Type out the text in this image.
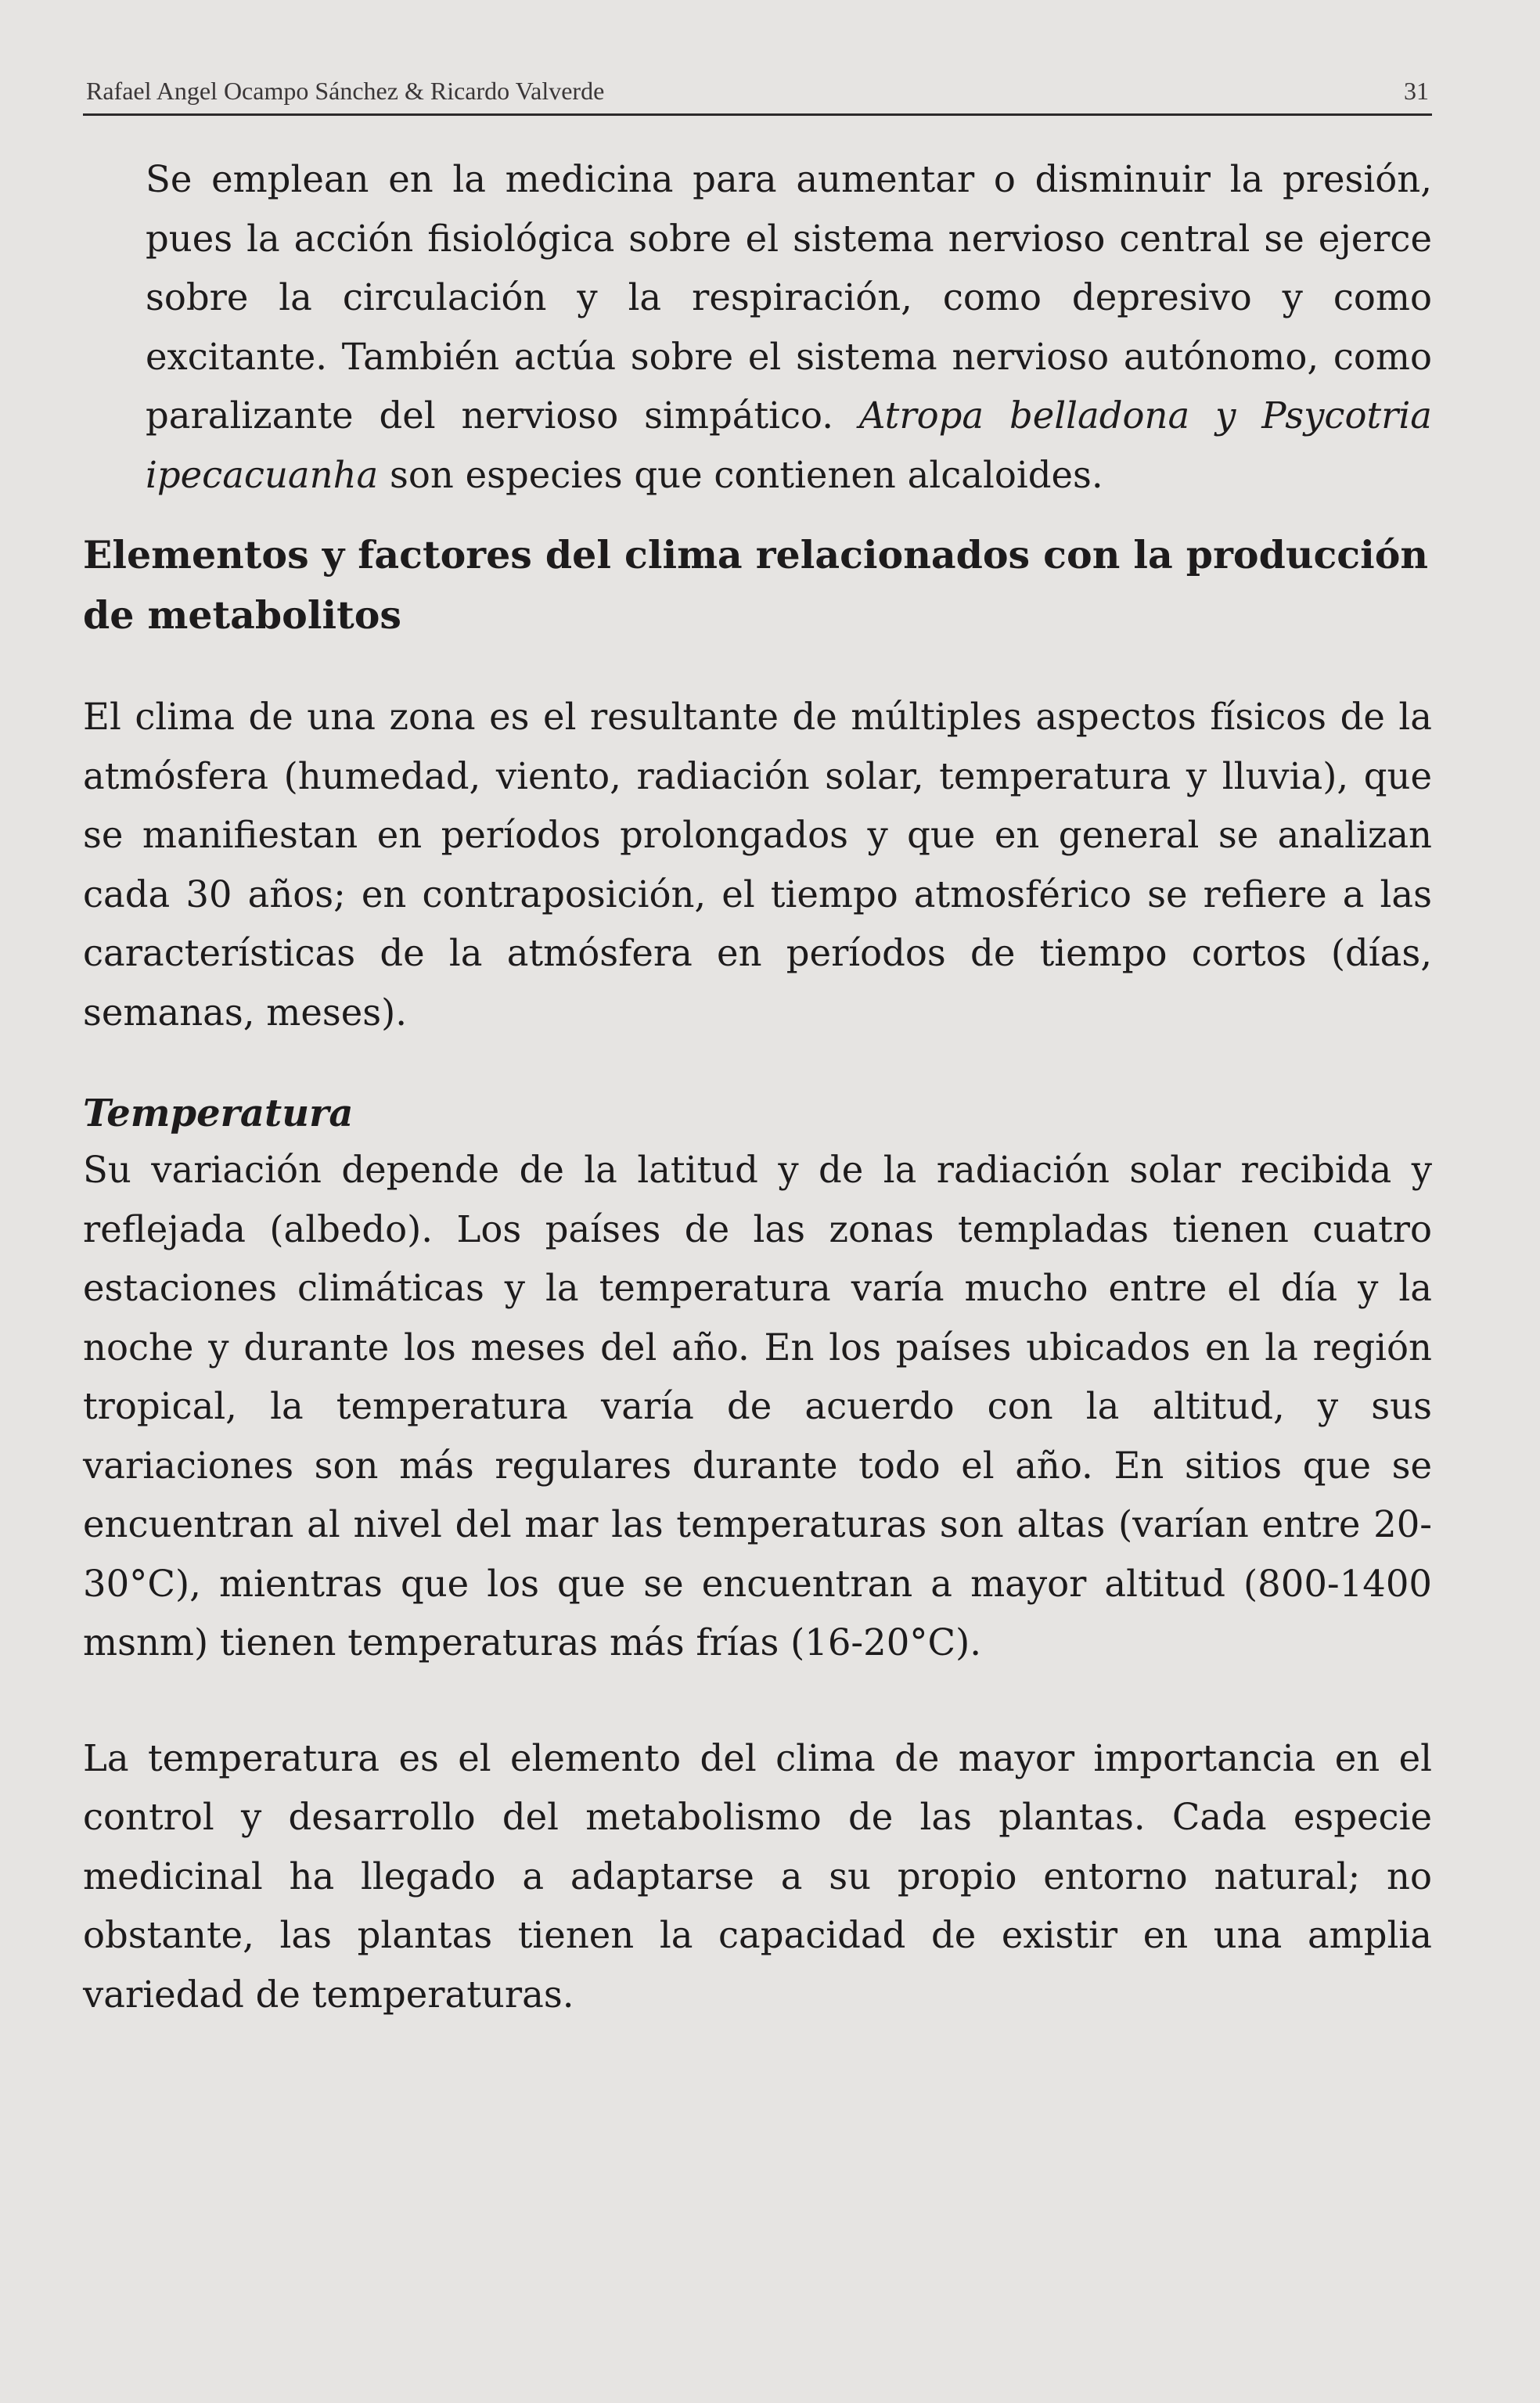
Rafael Angel Ocampo Sánchez & Ricardo Valverde	31

Se emplean en la medicina para aumentar o disminuir la presión, pues la acción fisiológica sobre el sistema nervioso central se ejerce sobre la circulación y la respiración, como depresivo y como excitante. También actúa sobre el sistema nervioso autónomo, como paralizante del nervioso simpático. Atropa belladona y Psycotria ipecacuanha son especies que contienen alcaloides.

Elementos y factores del clima relacionados con la producción de metabolitos

El clima de una zona es el resultante de múltiples aspectos físicos de la atmósfera (humedad, viento, radiación solar, temperatura y lluvia), que se manifiestan en períodos prolongados y que en general se analizan cada 30 años; en contraposición, el tiempo atmosférico se refiere a las características de la atmósfera en períodos de tiempo cortos (días, semanas, meses).

Temperatura

Su variación depende de la latitud y de la radiación solar recibida y reflejada (albedo). Los países de las zonas templadas tienen cuatro estaciones climáticas y la temperatura varía mucho entre el día y la noche y durante los meses del año. En los países ubicados en la región tropical, la temperatura varía de acuerdo con la altitud, y sus variaciones son más regulares durante todo el año. En sitios que se encuentran al nivel del mar las temperaturas son altas (varían entre 20-30°C), mientras que los que se encuentran a mayor altitud (800-1400 msnm) tienen temperaturas más frías (16-20°C).

La temperatura es el elemento del clima de mayor importancia en el control y desarrollo del metabolismo de las plantas. Cada especie medicinal ha llegado a adaptarse a su propio entorno natural; no obstante, las plantas tienen la capacidad de existir en una amplia variedad de temperaturas.
